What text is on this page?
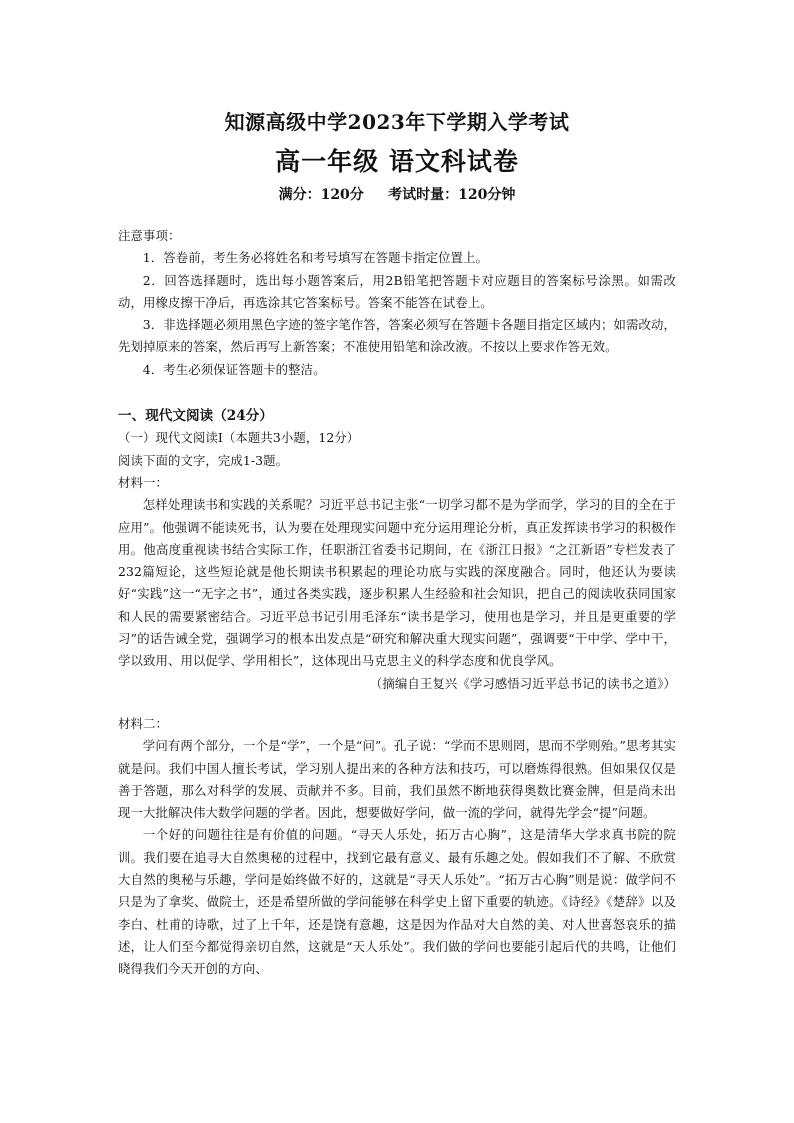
知源高级中学2023年下学期入学考试
高一年级 语文科试卷
满分：120分     考试时量：120分钟

注意事项：

1．答卷前，考生务必将姓名和考号填写在答题卡指定位置上。

2．回答选择题时，选出每小题答案后，用2B铅笔把答题卡对应题目的答案标号涂黑。如需改动，用橡皮擦干净后，再选涂其它答案标号。答案不能答在试卷上。

3．非选择题必须用黑色字迹的签字笔作答，答案必须写在答题卡各题目指定区域内；如需改动，先划掉原来的答案，然后再写上新答案；不准使用铅笔和涂改液。不按以上要求作答无效。

4．考生必须保证答题卡的整洁。

一、现代文阅读（24分）

（一）现代文阅读Ⅰ（本题共3小题，12分）

阅读下面的文字，完成1-3题。

材料一：

怎样处理读书和实践的关系呢？习近平总书记主张“一切学习都不是为学而学，学习的目的全在于应用”。他强调不能读死书，认为要在处理现实问题中充分运用理论分析，真正发挥读书学习的积极作用。他高度重视读书结合实际工作，任职浙江省委书记期间，在《浙江日报》“之江新语”专栏发表了232篇短论，这些短论就是他长期读书积累起的理论功底与实践的深度融合。同时，他还认为要读好“实践”这一“无字之书”，通过各类实践，逐步积累人生经验和社会知识，把自己的阅读收获同国家和人民的需要紧密结合。习近平总书记引用毛泽东“读书是学习，使用也是学习，并且是更重要的学习”的话告诫全党，强调学习的根本出发点是“研究和解决重大现实问题”，强调要“干中学、学中干，学以致用、用以促学、学用相长”，这体现出马克思主义的科学态度和优良学风。

（摘编自王复兴《学习感悟习近平总书记的读书之道》）

材料二：

学问有两个部分，一个是“学”，一个是“问”。孔子说：“学而不思则罔，思而不学则殆。”思考其实就是问。我们中国人擅长考试，学习别人提出来的各种方法和技巧，可以磨炼得很熟。但如果仅仅是善于答题，那么对科学的发展、贡献并不多。目前，我们虽然不断地获得奥数比赛金牌，但是尚未出现一大批解决伟大数学问题的学者。因此，想要做好学问，做一流的学问，就得先学会“提”问题。

一个好的问题往往是有价值的问题。“寻天人乐处，拓万古心胸”，这是清华大学求真书院的院训。我们要在追寻大自然奥秘的过程中，找到它最有意义、最有乐趣之处。假如我们不了解、不欣赏大自然的奥秘与乐趣，学问是始终做不好的，这就是“寻天人乐处”。“拓万古心胸”则是说：做学问不只是为了拿奖、做院士，还是希望所做的学问能够在科学史上留下重要的轨迹。《诗经》《楚辞》以及李白、杜甫的诗歌，过了上千年，还是饶有意趣，这是因为作品对大自然的美、对人世喜怒哀乐的描述，让人们至今都觉得亲切自然，这就是“天人乐处”。我们做的学问也要能引起后代的共鸣，让他们晓得我们今天开创的方向、
